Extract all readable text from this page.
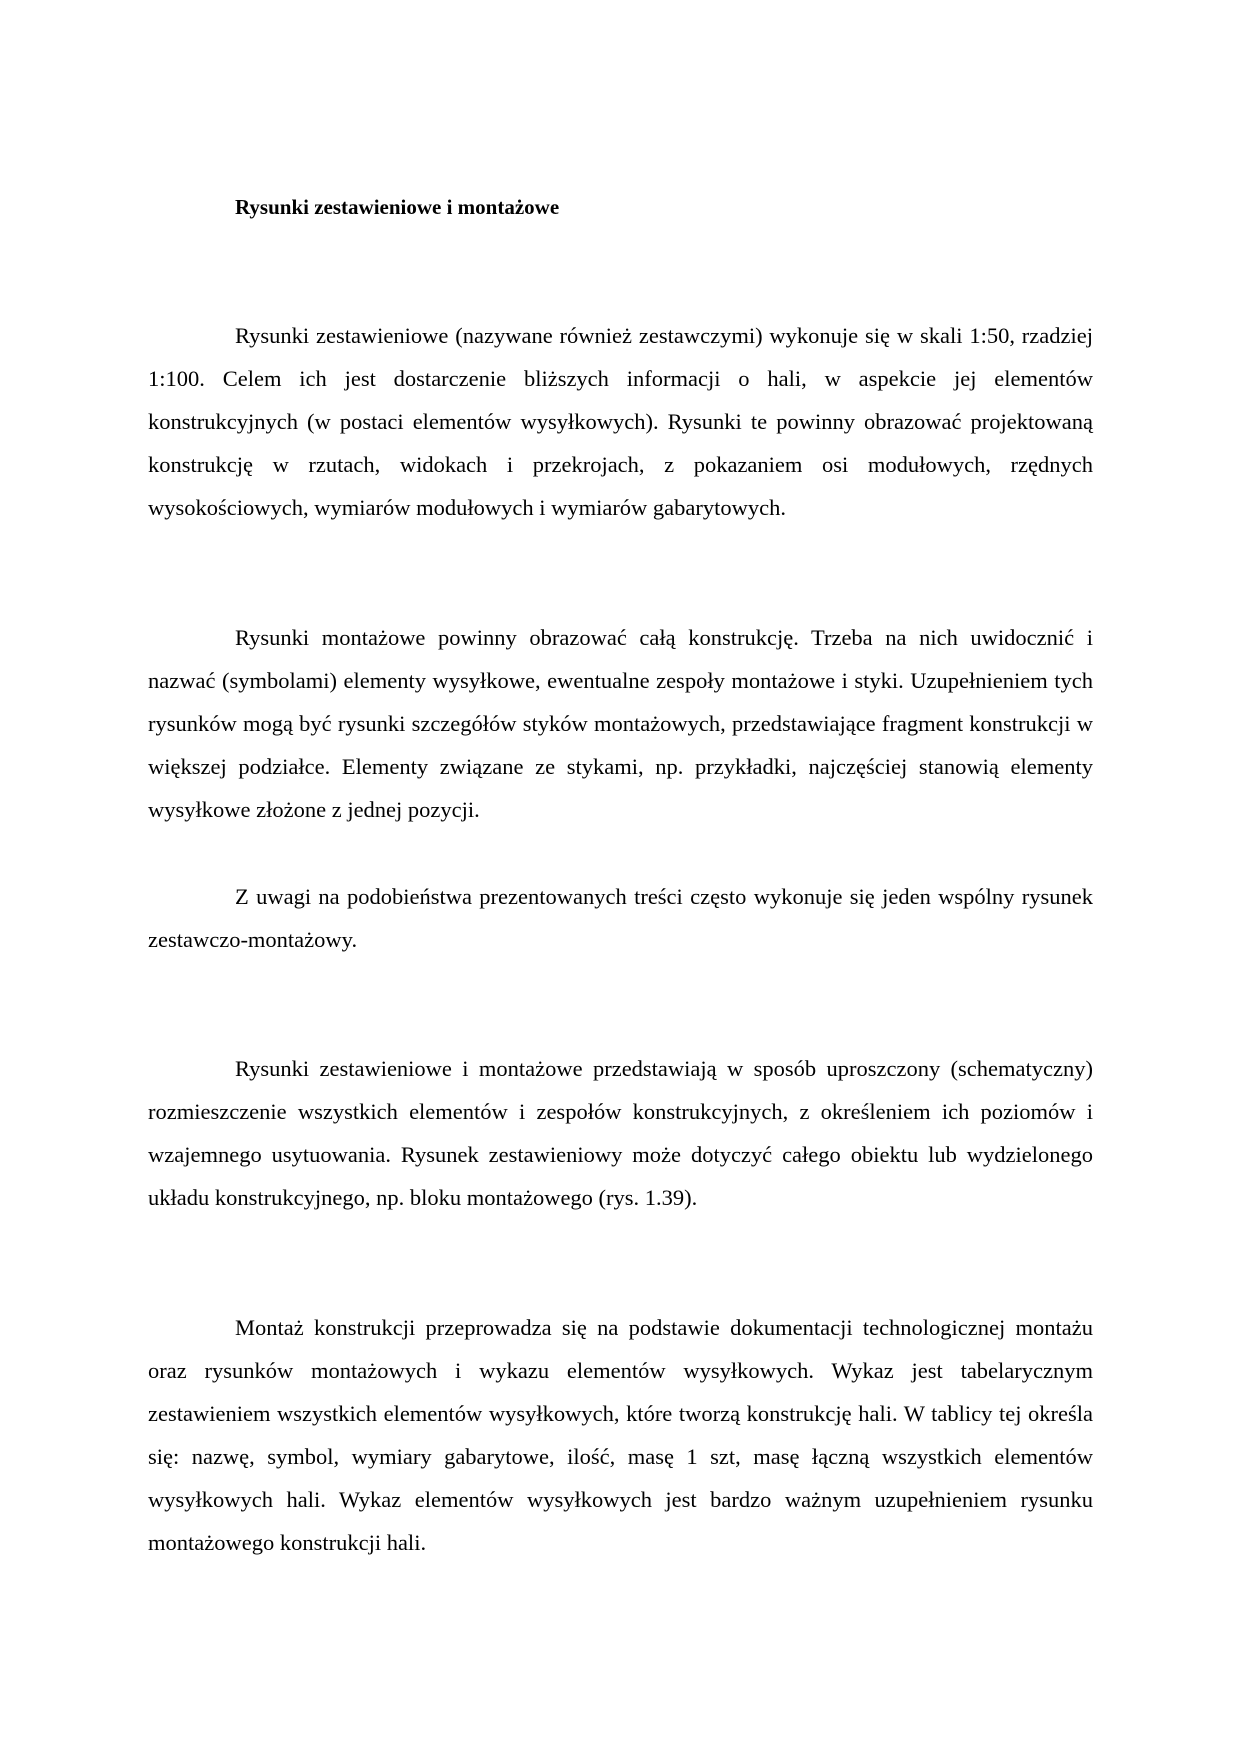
Rysunki zestawieniowe i montażowe

Rysunki zestawieniowe (nazywane również zestawczymi) wykonuje się w skali 1:50, rzadziej 1:100. Celem ich jest dostarczenie bliższych informacji o hali, w aspekcie jej elementów konstrukcyjnych (w postaci elementów wysyłkowych). Rysunki te powinny obrazować projektowaną konstrukcję w rzutach, widokach i przekrojach, z pokazaniem osi modułowych, rzędnych wysokościowych, wymiarów modułowych i wymiarów gabarytowych.

Rysunki montażowe powinny obrazować całą konstrukcję. Trzeba na nich uwidocznić i nazwać (symbolami) elementy wysyłkowe, ewentualne zespoły montażowe i styki. Uzupełnieniem tych rysunków mogą być rysunki szczegółów styków montażowych, przedstawiające fragment konstrukcji w większej podziałce. Elementy związane ze stykami, np. przykładki, najczęściej stanowią elementy wysyłkowe złożone z jednej pozycji.

Z uwagi na podobieństwa prezentowanych treści często wykonuje się jeden wspólny rysunek zestawczo-montażowy.

Rysunki zestawieniowe i montażowe przedstawiają w sposób uproszczony (schematyczny) rozmieszczenie wszystkich elementów i zespołów konstrukcyjnych, z określeniem ich poziomów i wzajemnego usytuowania. Rysunek zestawieniowy może dotyczyć całego obiektu lub wydzielonego układu konstrukcyjnego, np. bloku montażowego (rys. 1.39).

Montaż konstrukcji przeprowadza się na podstawie dokumentacji technologicznej montażu oraz rysunków montażowych i wykazu elementów wysyłkowych. Wykaz jest tabelarycznym zestawieniem wszystkich elementów wysyłkowych, które tworzą konstrukcję hali. W tablicy tej określa się: nazwę, symbol, wymiary gabarytowe, ilość, masę 1 szt, masę łączną wszystkich elementów wysyłkowych hali. Wykaz elementów wysyłkowych jest bardzo ważnym uzupełnieniem rysunku montażowego konstrukcji hali.
